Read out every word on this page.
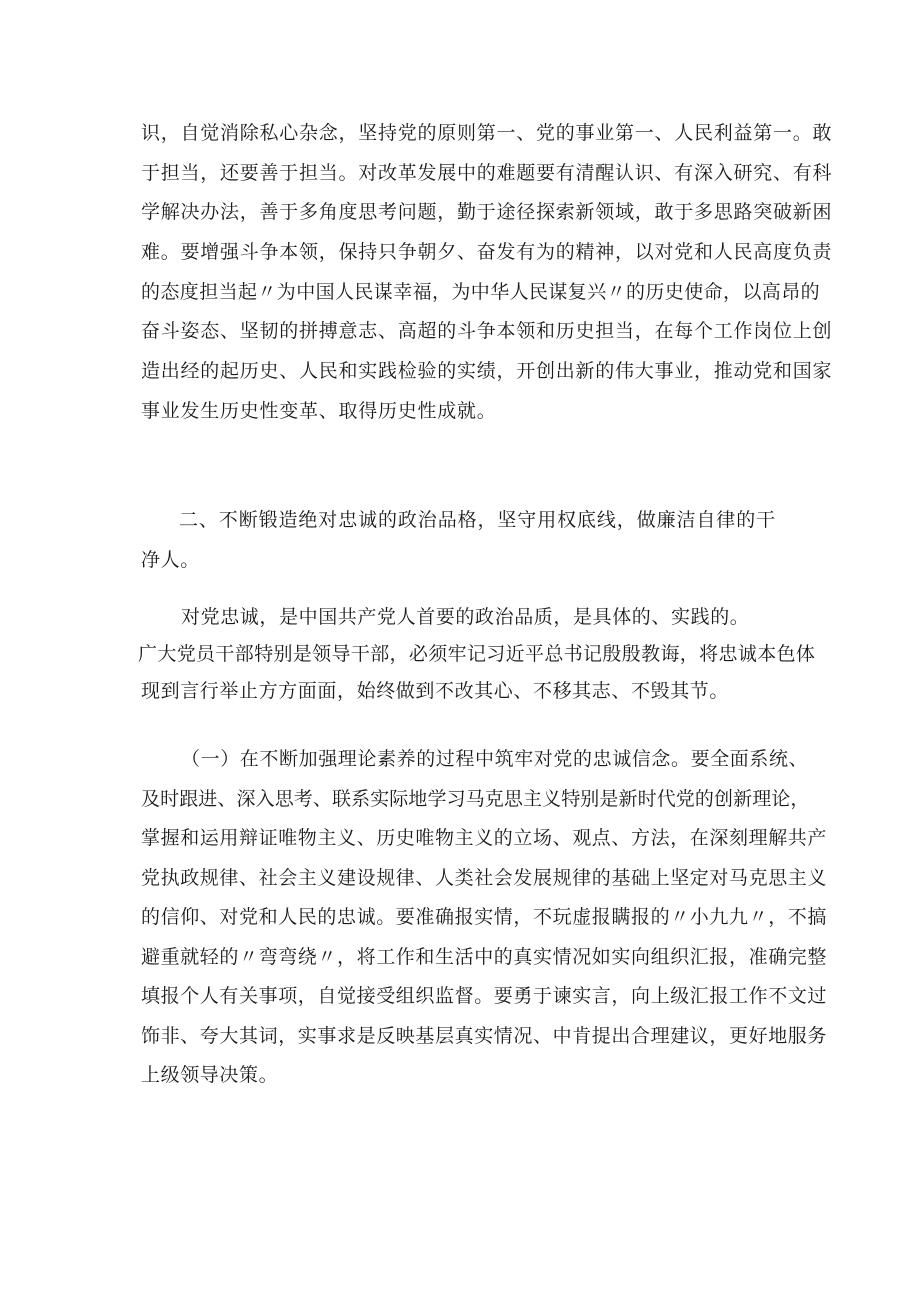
识，自觉消除私心杂念，坚持党的原则第一、党的事业第一、人民利益第一。敢
于担当，还要善于担当。对改革发展中的难题要有清醒认识、有深入研究、有科
学解决办法，善于多角度思考问题，勤于途径探索新领域，敢于多思路突破新困
难。要增强斗争本领，保持只争朝夕、奋发有为的精神，以对党和人民高度负责
的态度担当起〃为中国人民谋幸福，为中华人民谋复兴〃的历史使命，以高昂的
奋斗姿态、坚韧的拼搏意志、高超的斗争本领和历史担当，在每个工作岗位上创
造出经的起历史、人民和实践检验的实绩，开创出新的伟大事业，推动党和国家
事业发生历史性变革、取得历史性成就。
二、不断锻造绝对忠诚的政治品格，坚守用权底线，做廉洁自律的干
净人。
对党忠诚，是中国共产党人首要的政治品质，是具体的、实践的。
广大党员干部特别是领导干部，必须牢记习近平总书记殷殷教诲，将忠诚本色体
现到言行举止方方面面，始终做到不改其心、不移其志、不毁其节。
（一）在不断加强理论素养的过程中筑牢对党的忠诚信念。要全面系统、
及时跟进、深入思考、联系实际地学习马克思主义特别是新时代党的创新理论，
掌握和运用辩证唯物主义、历史唯物主义的立场、观点、方法，在深刻理解共产
党执政规律、社会主义建设规律、人类社会发展规律的基础上坚定对马克思主义
的信仰、对党和人民的忠诚。要准确报实情，不玩虚报瞒报的〃小九九〃，不搞
避重就轻的〃弯弯绕〃，将工作和生活中的真实情况如实向组织汇报，准确完整
填报个人有关事项，自觉接受组织监督。要勇于谏实言，向上级汇报工作不文过
饰非、夸大其词，实事求是反映基层真实情况、中肯提出合理建议，更好地服务
上级领导决策。
